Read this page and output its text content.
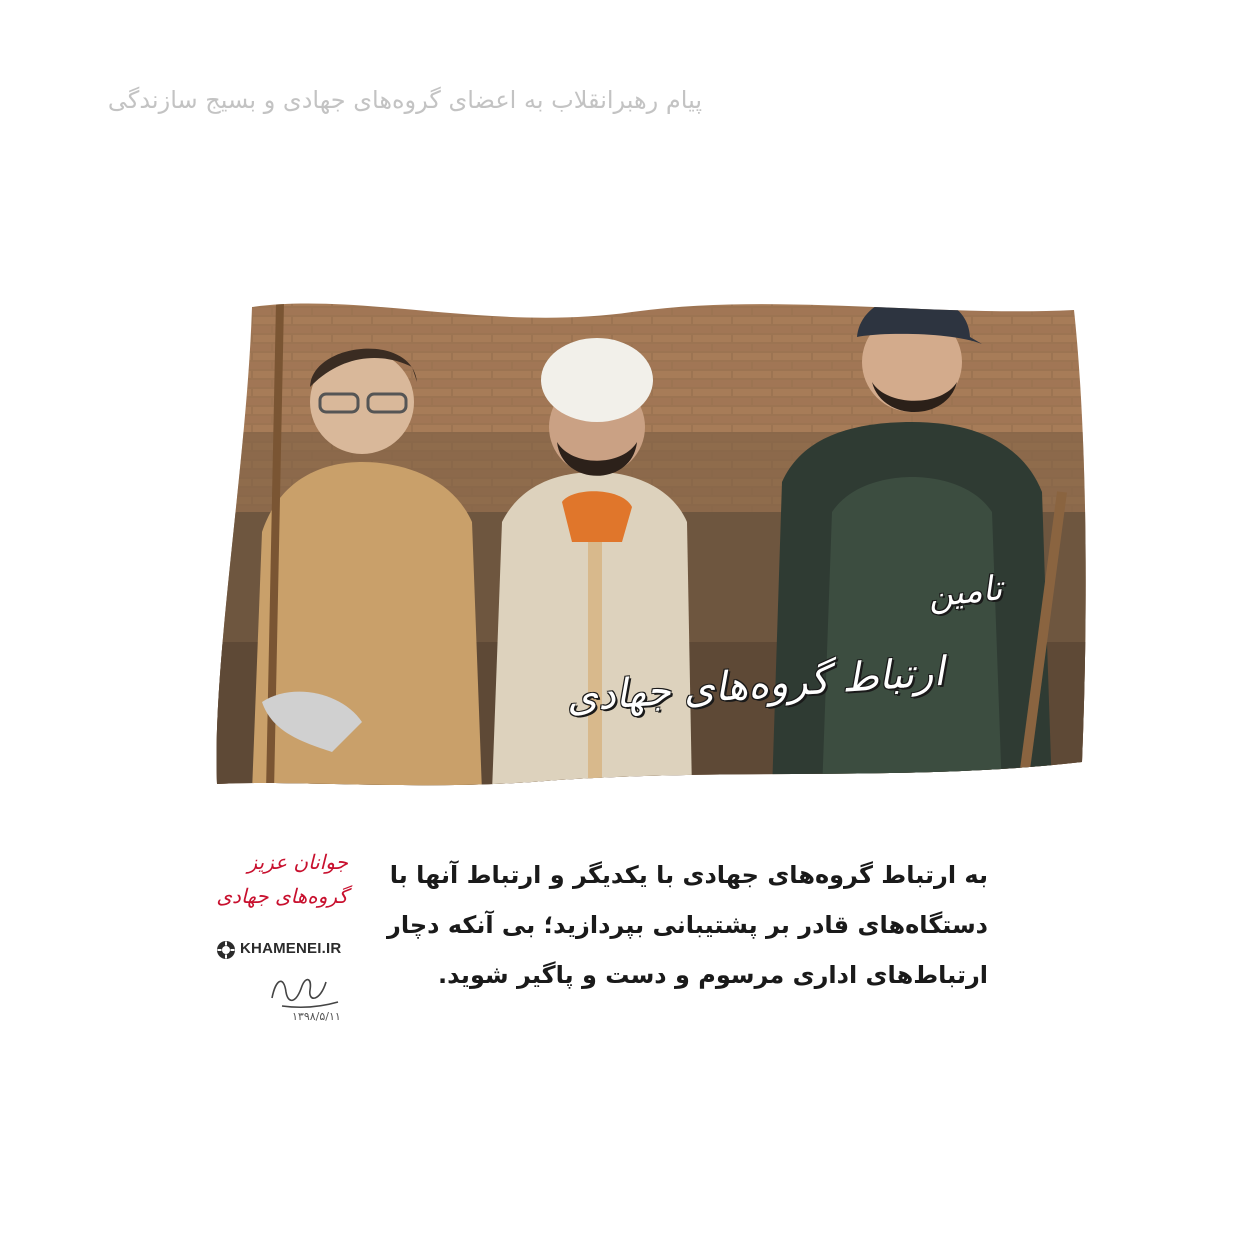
پیام رهبرانقلاب به اعضای گروه‌های جهادی و بسیج سازندگی
تامین
ارتباط گروه‌های جهادی
به ارتباط گروه‌های جهادی با یکدیگر و ارتباط آنها با
دستگاه‌های قادر بر پشتیبانی بپردازید؛ بی آنکه دچار
ارتباط‌های اداری مرسوم و دست و پاگیر شوید.
جوانان عزیز
گروه‌های جهادی
KHAMENEI.IR
۱۳۹۸/۵/۱۱
